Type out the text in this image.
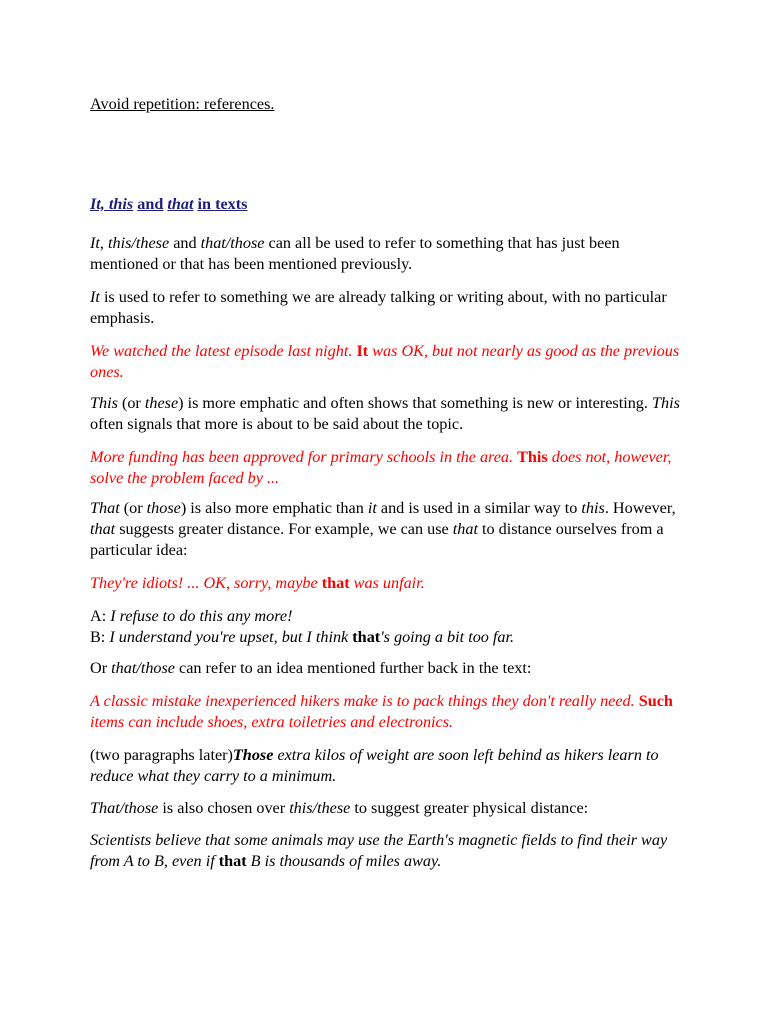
Avoid repetition: references.

It, this and that in texts

It, this/these and that/those can all be used to refer to something that has just been mentioned or that has been mentioned previously.

It is used to refer to something we are already talking or writing about, with no particular emphasis.

We watched the latest episode last night. It was OK, but not nearly as good as the previous ones.

This (or these) is more emphatic and often shows that something is new or interesting. This often signals that more is about to be said about the topic.

More funding has been approved for primary schools in the area. This does not, however, solve the problem faced by ...

That (or those) is also more emphatic than it and is used in a similar way to this. However, that suggests greater distance. For example, we can use that to distance ourselves from a particular idea:

They're idiots! ... OK, sorry, maybe that was unfair.

A: I refuse to do this any more!

B: I understand you're upset, but I think that's going a bit too far.

Or that/those can refer to an idea mentioned further back in the text:

A classic mistake inexperienced hikers make is to pack things they don't really need. Such items can include shoes, extra toiletries and electronics.

(two paragraphs later)Those extra kilos of weight are soon left behind as hikers learn to reduce what they carry to a minimum.

That/those is also chosen over this/these to suggest greater physical distance:

Scientists believe that some animals may use the Earth's magnetic fields to find their way from A to B, even if that B is thousands of miles away.
